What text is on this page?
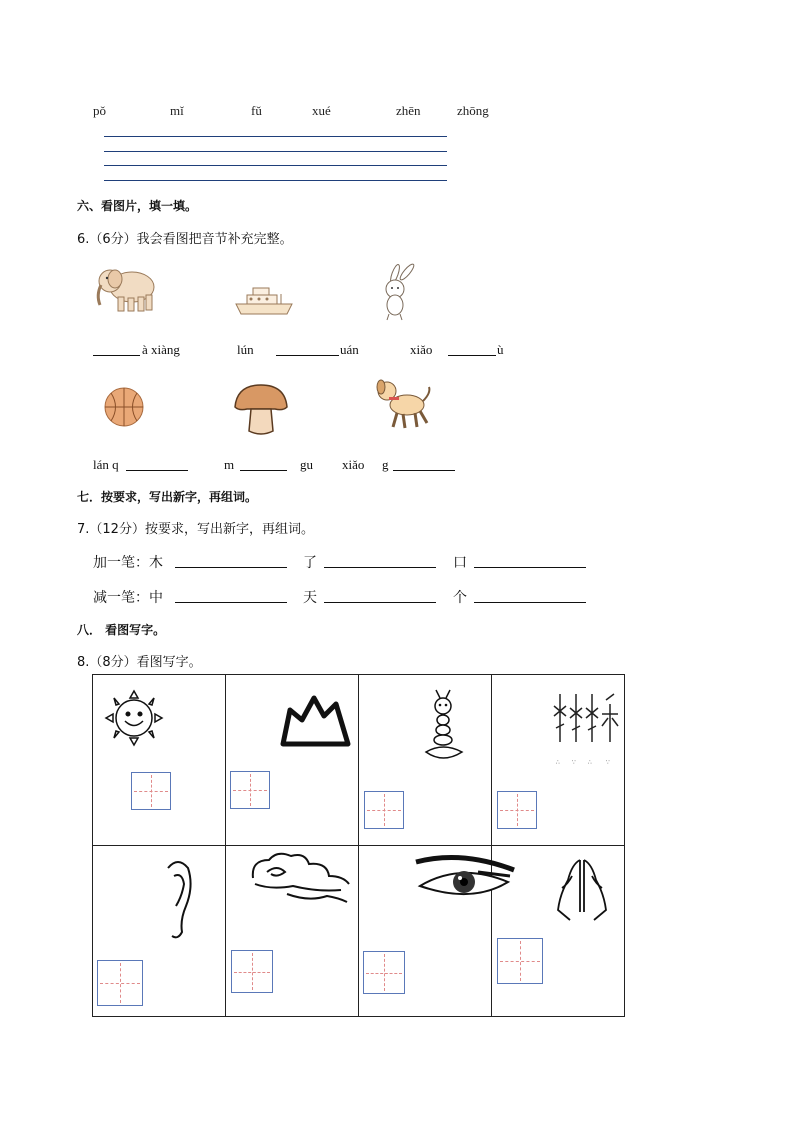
pǒ	mǐ	fǔ	xué	zhēn	zhōng
六、看图片，填一填。
6.（6分）我会看图把音节补充完整。
à xiàng	lún	uán	xiǎo	ù
lán q	m	gu xiǎo g
七．按要求，写出新字，再组词。
7.（12分）按要求，写出新字，再组词。
加一笔：木	了	口
减一笔：中	天	个
八． 看图写字。
8.（8分）看图写字。
∴ ∵ ∴ ∵
